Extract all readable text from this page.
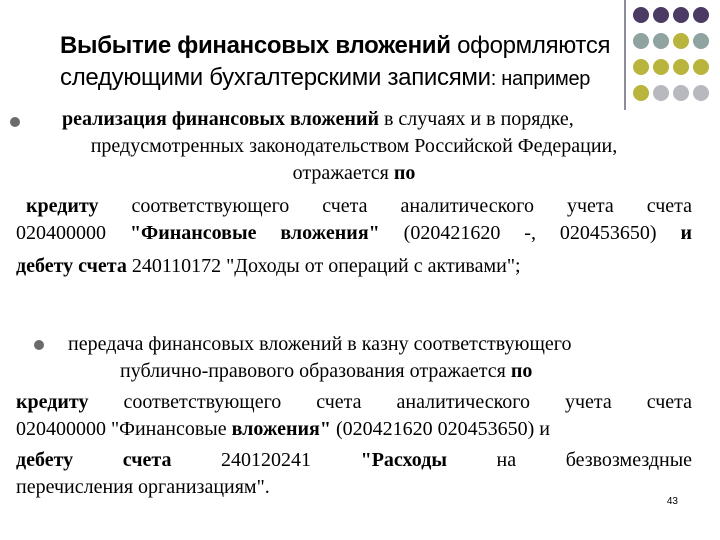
Выбытие финансовых вложений оформляются
следующими бухгалтерскими записями: например
реализация финансовых вложений в случаях и в порядке,
предусмотренных законодательством Российской Федерации,
отражается по
кредиту соответствующего счета аналитического учета счета
020400000 "Финансовые вложения" (020421620 -, 020453650) и
дебету счета 240110172 "Доходы от операций с активами";
передача финансовых вложений в казну соответствующего
публично-правового образования отражается по
кредиту соответствующего счета аналитического учета счета
020400000 "Финансовые вложения" (020421620 020453650) и
дебету счета 240120241 "Расходы на безвозмездные
перечисления организациям".
43
